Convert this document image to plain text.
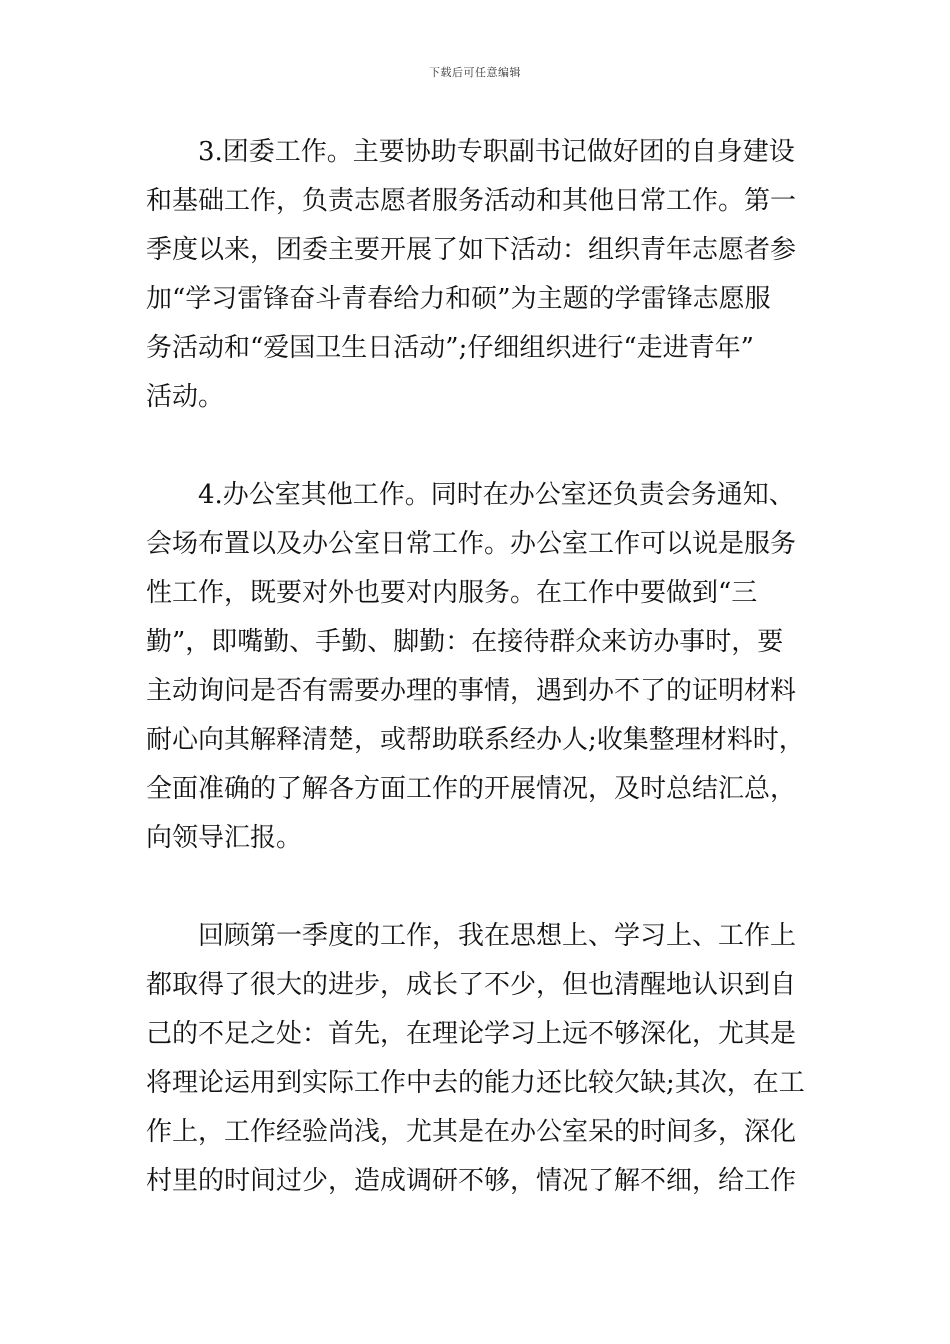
下载后可任意编辑
3.团委工作。主要协助专职副书记做好团的自身建设
和基础工作，负责志愿者服务活动和其他日常工作。第一
季度以来，团委主要开展了如下活动：组织青年志愿者参
加“学习雷锋奋斗青春给力和硕”为主题的学雷锋志愿服
务活动和“爱国卫生日活动”;仔细组织进行“走进青年”
活动。
4.办公室其他工作。同时在办公室还负责会务通知、
会场布置以及办公室日常工作。办公室工作可以说是服务
性工作，既要对外也要对内服务。在工作中要做到“三
勤”，即嘴勤、手勤、脚勤：在接待群众来访办事时，要
主动询问是否有需要办理的事情，遇到办不了的证明材料
耐心向其解释清楚，或帮助联系经办人;收集整理材料时，
全面准确的了解各方面工作的开展情况，及时总结汇总，
向领导汇报。
回顾第一季度的工作，我在思想上、学习上、工作上
都取得了很大的进步，成长了不少，但也清醒地认识到自
己的不足之处：首先，在理论学习上远不够深化，尤其是
将理论运用到实际工作中去的能力还比较欠缺;其次，在工
作上，工作经验尚浅，尤其是在办公室呆的时间多，深化
村里的时间过少，造成调研不够，情况了解不细，给工作
